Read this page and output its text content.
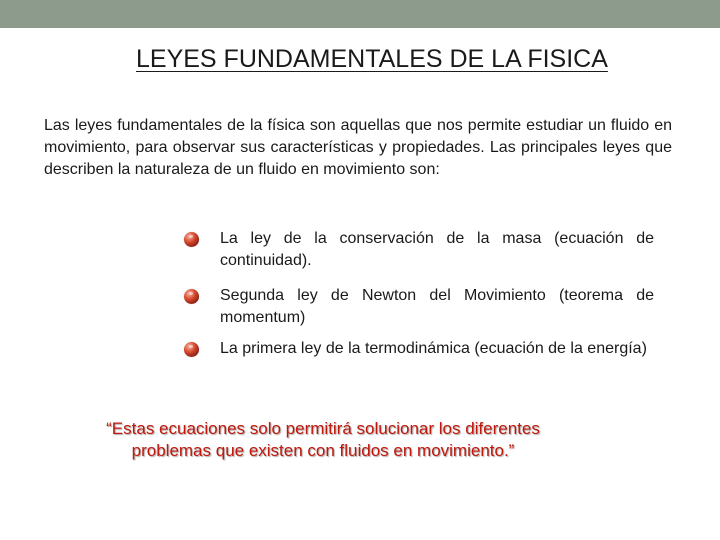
LEYES FUNDAMENTALES DE LA FISICA

Las leyes fundamentales de la física son aquellas que nos permite estudiar un fluido en movimiento, para observar sus características y propiedades. Las principales leyes que describen la naturaleza de un fluido en movimiento son:

La ley de la conservación de la masa (ecuación de continuidad).
Segunda ley de Newton del Movimiento (teorema de momentum)
La primera ley de la termodinámica (ecuación de la energía)

“Estas ecuaciones solo permitirá solucionar los diferentes problemas que existen con fluidos en movimiento.”
